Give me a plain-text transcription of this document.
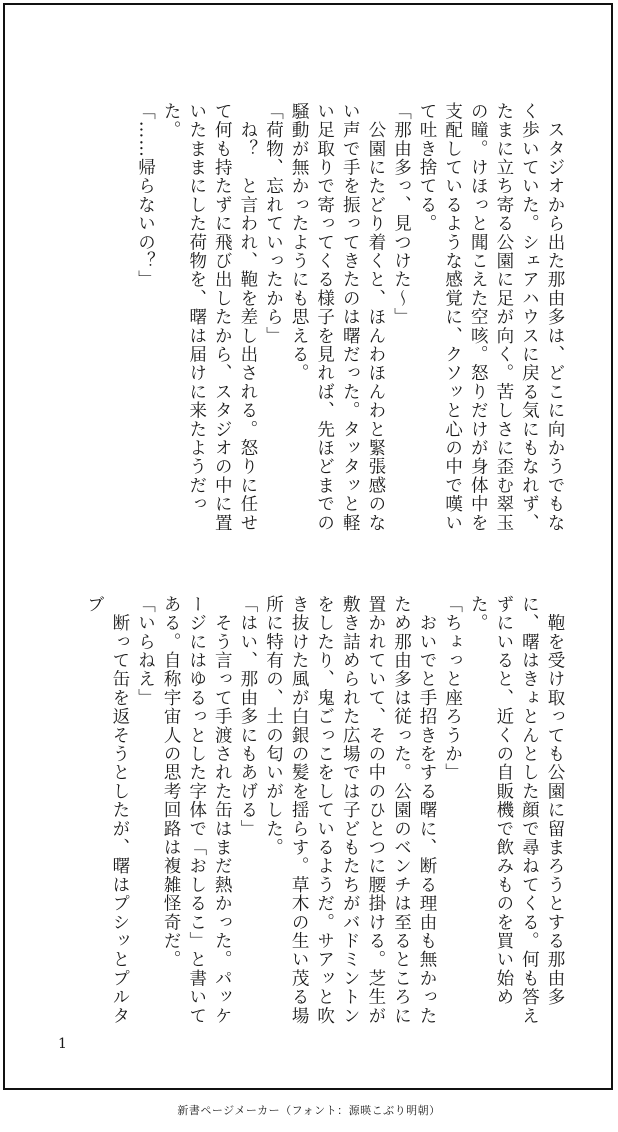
　スタジオから出た那由多は、どこに向かうでもなく歩いていた。シェアハウスに戻る気にもなれず、たまに立ち寄る公園に足が向く。苦しさに歪む翠玉の瞳。けほっと聞こえた空咳。怒りだけが身体中を支配しているような感覚に、クソッと心の中で嘆いて吐き捨てる。

「那由多っ、見つけた〜」

　公園にたどり着くと、ほんわほんわと緊張感のない声で手を振ってきたのは曙だった。タッタッと軽い足取りで寄ってくる様子を見れば、先ほどまでの騒動が無かったようにも思える。

「荷物、忘れていったから」

　ね？　と言われ、鞄を差し出される。怒りに任せて何も持たずに飛び出したから、スタジオの中に置いたままにした荷物を、曙は届けに来たようだった。

「……帰らないの？」

　鞄を受け取っても公園に留まろうとする那由多に、曙はきょとんとした顔で尋ねてくる。何も答えずにいると、近くの自販機で飲みものを買い始めた。

「ちょっと座ろうか」

　おいでと手招きをする曙に、断る理由も無かったため那由多は従った。公園のベンチは至るところに置かれていて、その中のひとつに腰掛ける。芝生が敷き詰められた広場では子どもたちがバドミントンをしたり、鬼ごっこをしているようだ。サアッと吹き抜けた風が白銀の髪を揺らす。草木の生い茂る場所に特有の、土の匂いがした。

「はい、那由多にもあげる」

　そう言って手渡された缶はまだ熱かった。パッケージにはゆるっとした字体で「おしるこ」と書いてある。自称宇宙人の思考回路は複雑怪奇だ。

「いらねえ」

　断って缶を返そうとしたが、曙はプシッとプルタブ

1
新書ページメーカー（フォント：源暎こぶり明朝）
